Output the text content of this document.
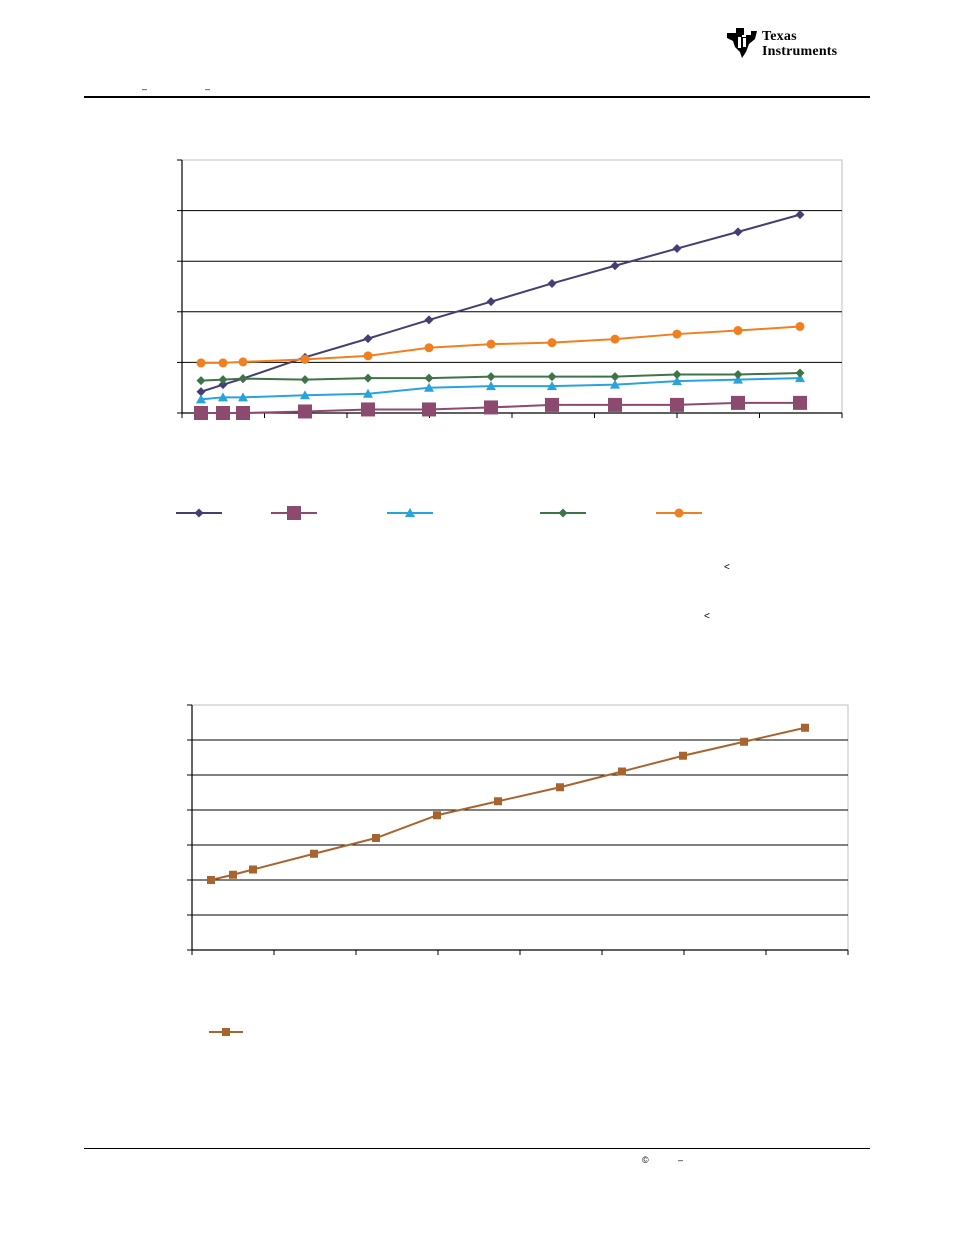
Texas
Instruments
–	–
<
<
©	–
